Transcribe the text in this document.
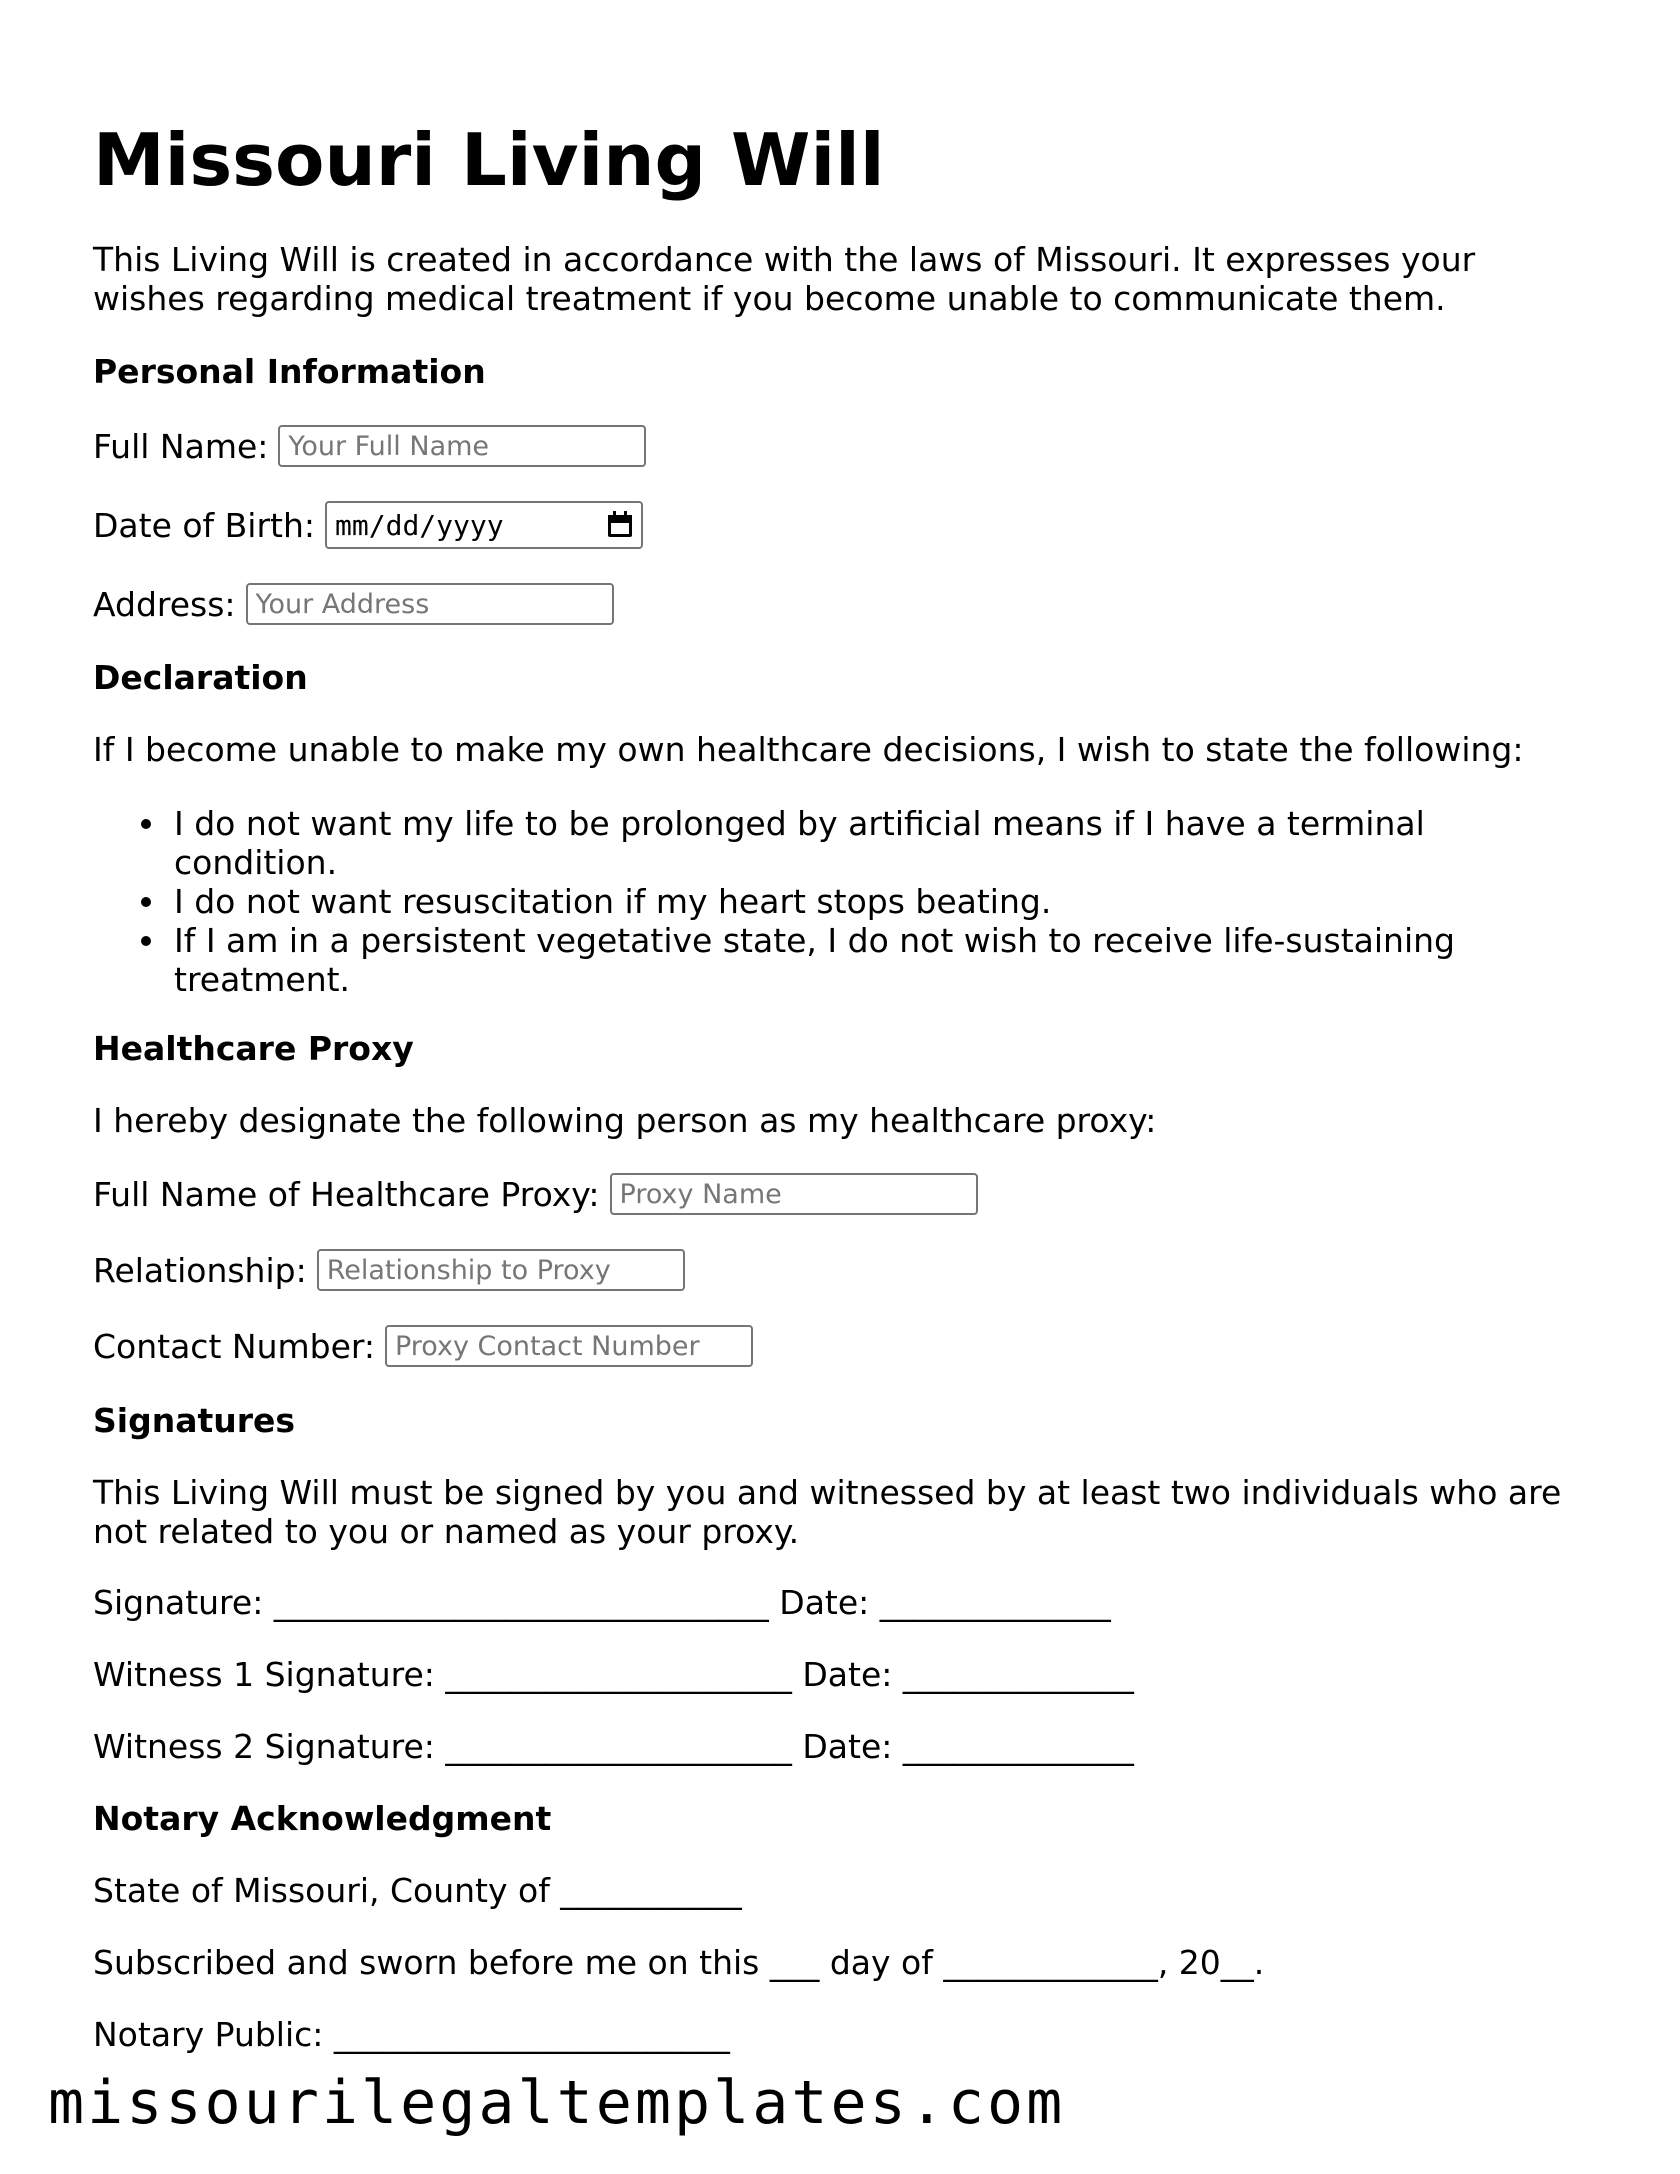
Missouri Living Will

This Living Will is created in accordance with the laws of Missouri. It expresses your wishes regarding medical treatment if you become unable to communicate them.

Personal Information
Full Name:
Your Full Name
Date of Birth: mm/dd/yyyy
Address:
Your Address
Declaration

If I become unable to make my own healthcare decisions, I wish to state the following:

I do not want my life to be prolonged by artificial means if I have a terminal condition.
I do not want resuscitation if my heart stops beating.
If I am in a persistent vegetative state, I do not wish to receive life-sustaining treatment.
Healthcare Proxy

I hereby designate the following person as my healthcare proxy:

Full Name of Healthcare Proxy:
Proxy Name
Relationship:
Relationship to Proxy
Contact Number:
Proxy Contact Number
Signatures

This Living Will must be signed by you and witnessed by at least two individuals who are not related to you or named as your proxy.

Signature: ______________________________ Date: ______________

Witness 1 Signature: _____________________ Date: ______________

Witness 2 Signature: _____________________ Date: ______________

Notary Acknowledgment

State of Missouri, County of ___________

Subscribed and sworn before me on this ___ day of _____________, 20__.

Notary Public: ________________________

missourilegaltemplates.com
